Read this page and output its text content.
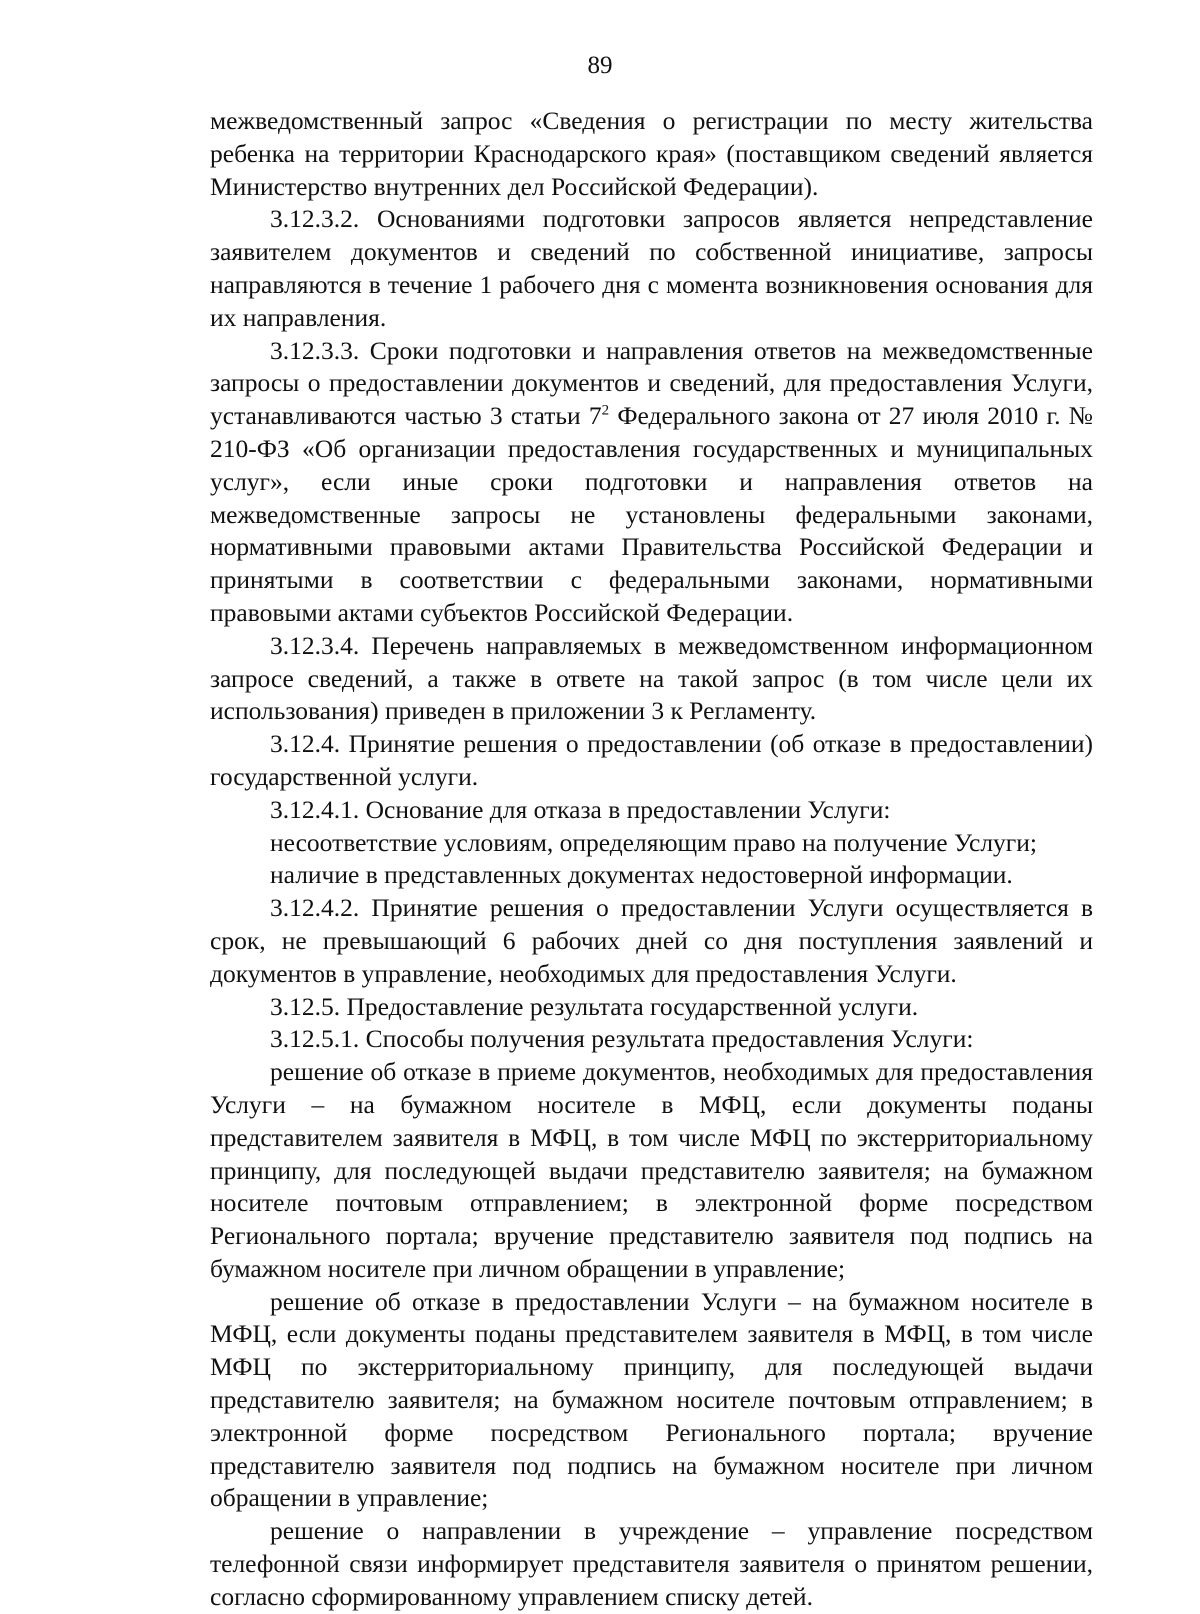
89

межведомственный запрос «Сведения о регистрации по месту жительства ребенка на территории Краснодарского края» (поставщиком сведений является Министерство внутренних дел Российской Федерации).

3.12.3.2. Основаниями подготовки запросов является непредставление заявителем документов и сведений по собственной инициативе, запросы направляются в течение 1 рабочего дня с момента возникновения основания для их направления.

3.12.3.3. Сроки подготовки и направления ответов на межведомственные запросы о предоставлении документов и сведений, для предоставления Услуги, устанавливаются частью 3 статьи $7^2$ Федерального закона от 27 июля 2010 г. № 210-ФЗ «Об организации предоставления государственных и муниципальных услуг», если иные сроки подготовки и направления ответов на межведомственные запросы не установлены федеральными законами, нормативными правовыми актами Правительства Российской Федерации и принятыми в соответствии с федеральными законами, нормативными правовыми актами субъектов Российской Федерации.

3.12.3.4. Перечень направляемых в межведомственном информационном запросе сведений, а также в ответе на такой запрос (в том числе цели их использования) приведен в приложении 3 к Регламенту.

3.12.4. Принятие решения о предоставлении (об отказе в предоставлении) государственной услуги.

3.12.4.1. Основание для отказа в предоставлении Услуги:

несоответствие условиям, определяющим право на получение Услуги;

наличие в представленных документах недостоверной информации.

3.12.4.2. Принятие решения о предоставлении Услуги осуществляется в срок, не превышающий 6 рабочих дней со дня поступления заявлений и документов в управление, необходимых для предоставления Услуги.

3.12.5. Предоставление результата государственной услуги.

3.12.5.1. Способы получения результата предоставления Услуги:

решение об отказе в приеме документов, необходимых для предоставления Услуги – на бумажном носителе в МФЦ, если документы поданы представителем заявителя в МФЦ, в том числе МФЦ по экстерриториальному принципу, для последующей выдачи представителю заявителя; на бумажном носителе почтовым отправлением; в электронной форме посредством Регионального портала; вручение представителю заявителя под подпись на бумажном носителе при личном обращении в управление;

решение об отказе в предоставлении Услуги – на бумажном носителе в МФЦ, если документы поданы представителем заявителя в МФЦ, в том числе МФЦ по экстерриториальному принципу, для последующей выдачи представителю заявителя; на бумажном носителе почтовым отправлением; в электронной форме посредством Регионального портала; вручение представителю заявителя под подпись на бумажном носителе при личном обращении в управление;

решение о направлении в учреждение – управление посредством телефонной связи информирует представителя заявителя о принятом решении, согласно сформированному управлением списку детей.
